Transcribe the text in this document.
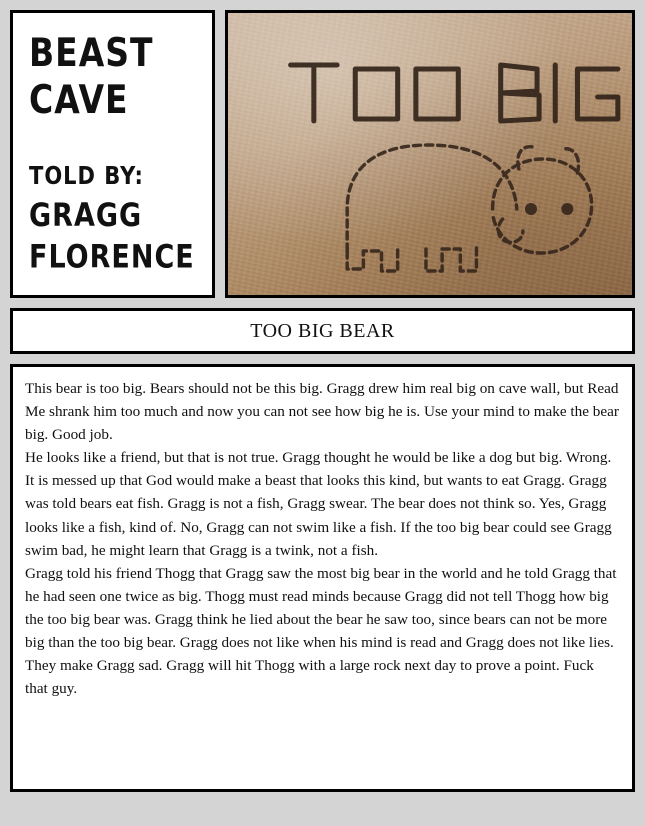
BEAST
CAVE
TOLD BY:
GRAGG
FLORENCE
TOO BIG BEAR

This bear is too big. Bears should not be this big. Gragg drew him real big on cave wall, but Read Me shrank him too much and now you can not see how big he is. Use your mind to make the bear big. Good job.

He looks like a friend, but that is not true. Gragg thought he would be like a dog but big. Wrong. It is messed up that God would make a beast that looks this kind, but wants to eat Gragg. Gragg was told bears eat fish. Gragg is not a fish, Gragg swear. The bear does not think so. Yes, Gragg looks like a fish, kind of. No, Gragg can not swim like a fish. If the too big bear could see Gragg swim bad, he might learn that Gragg is a twink, not a fish.

Gragg told his friend Thogg that Gragg saw the most big bear in the world and he told Gragg that he had seen one twice as big. Thogg must read minds because Gragg did not tell Thogg how big the too big bear was. Gragg think he lied about the bear he saw too, since bears can not be more big than the too big bear. Gragg does not like when his mind is read and Gragg does not like lies. They make Gragg sad. Gragg will hit Thogg with a large rock next day to prove a point. Fuck that guy.
